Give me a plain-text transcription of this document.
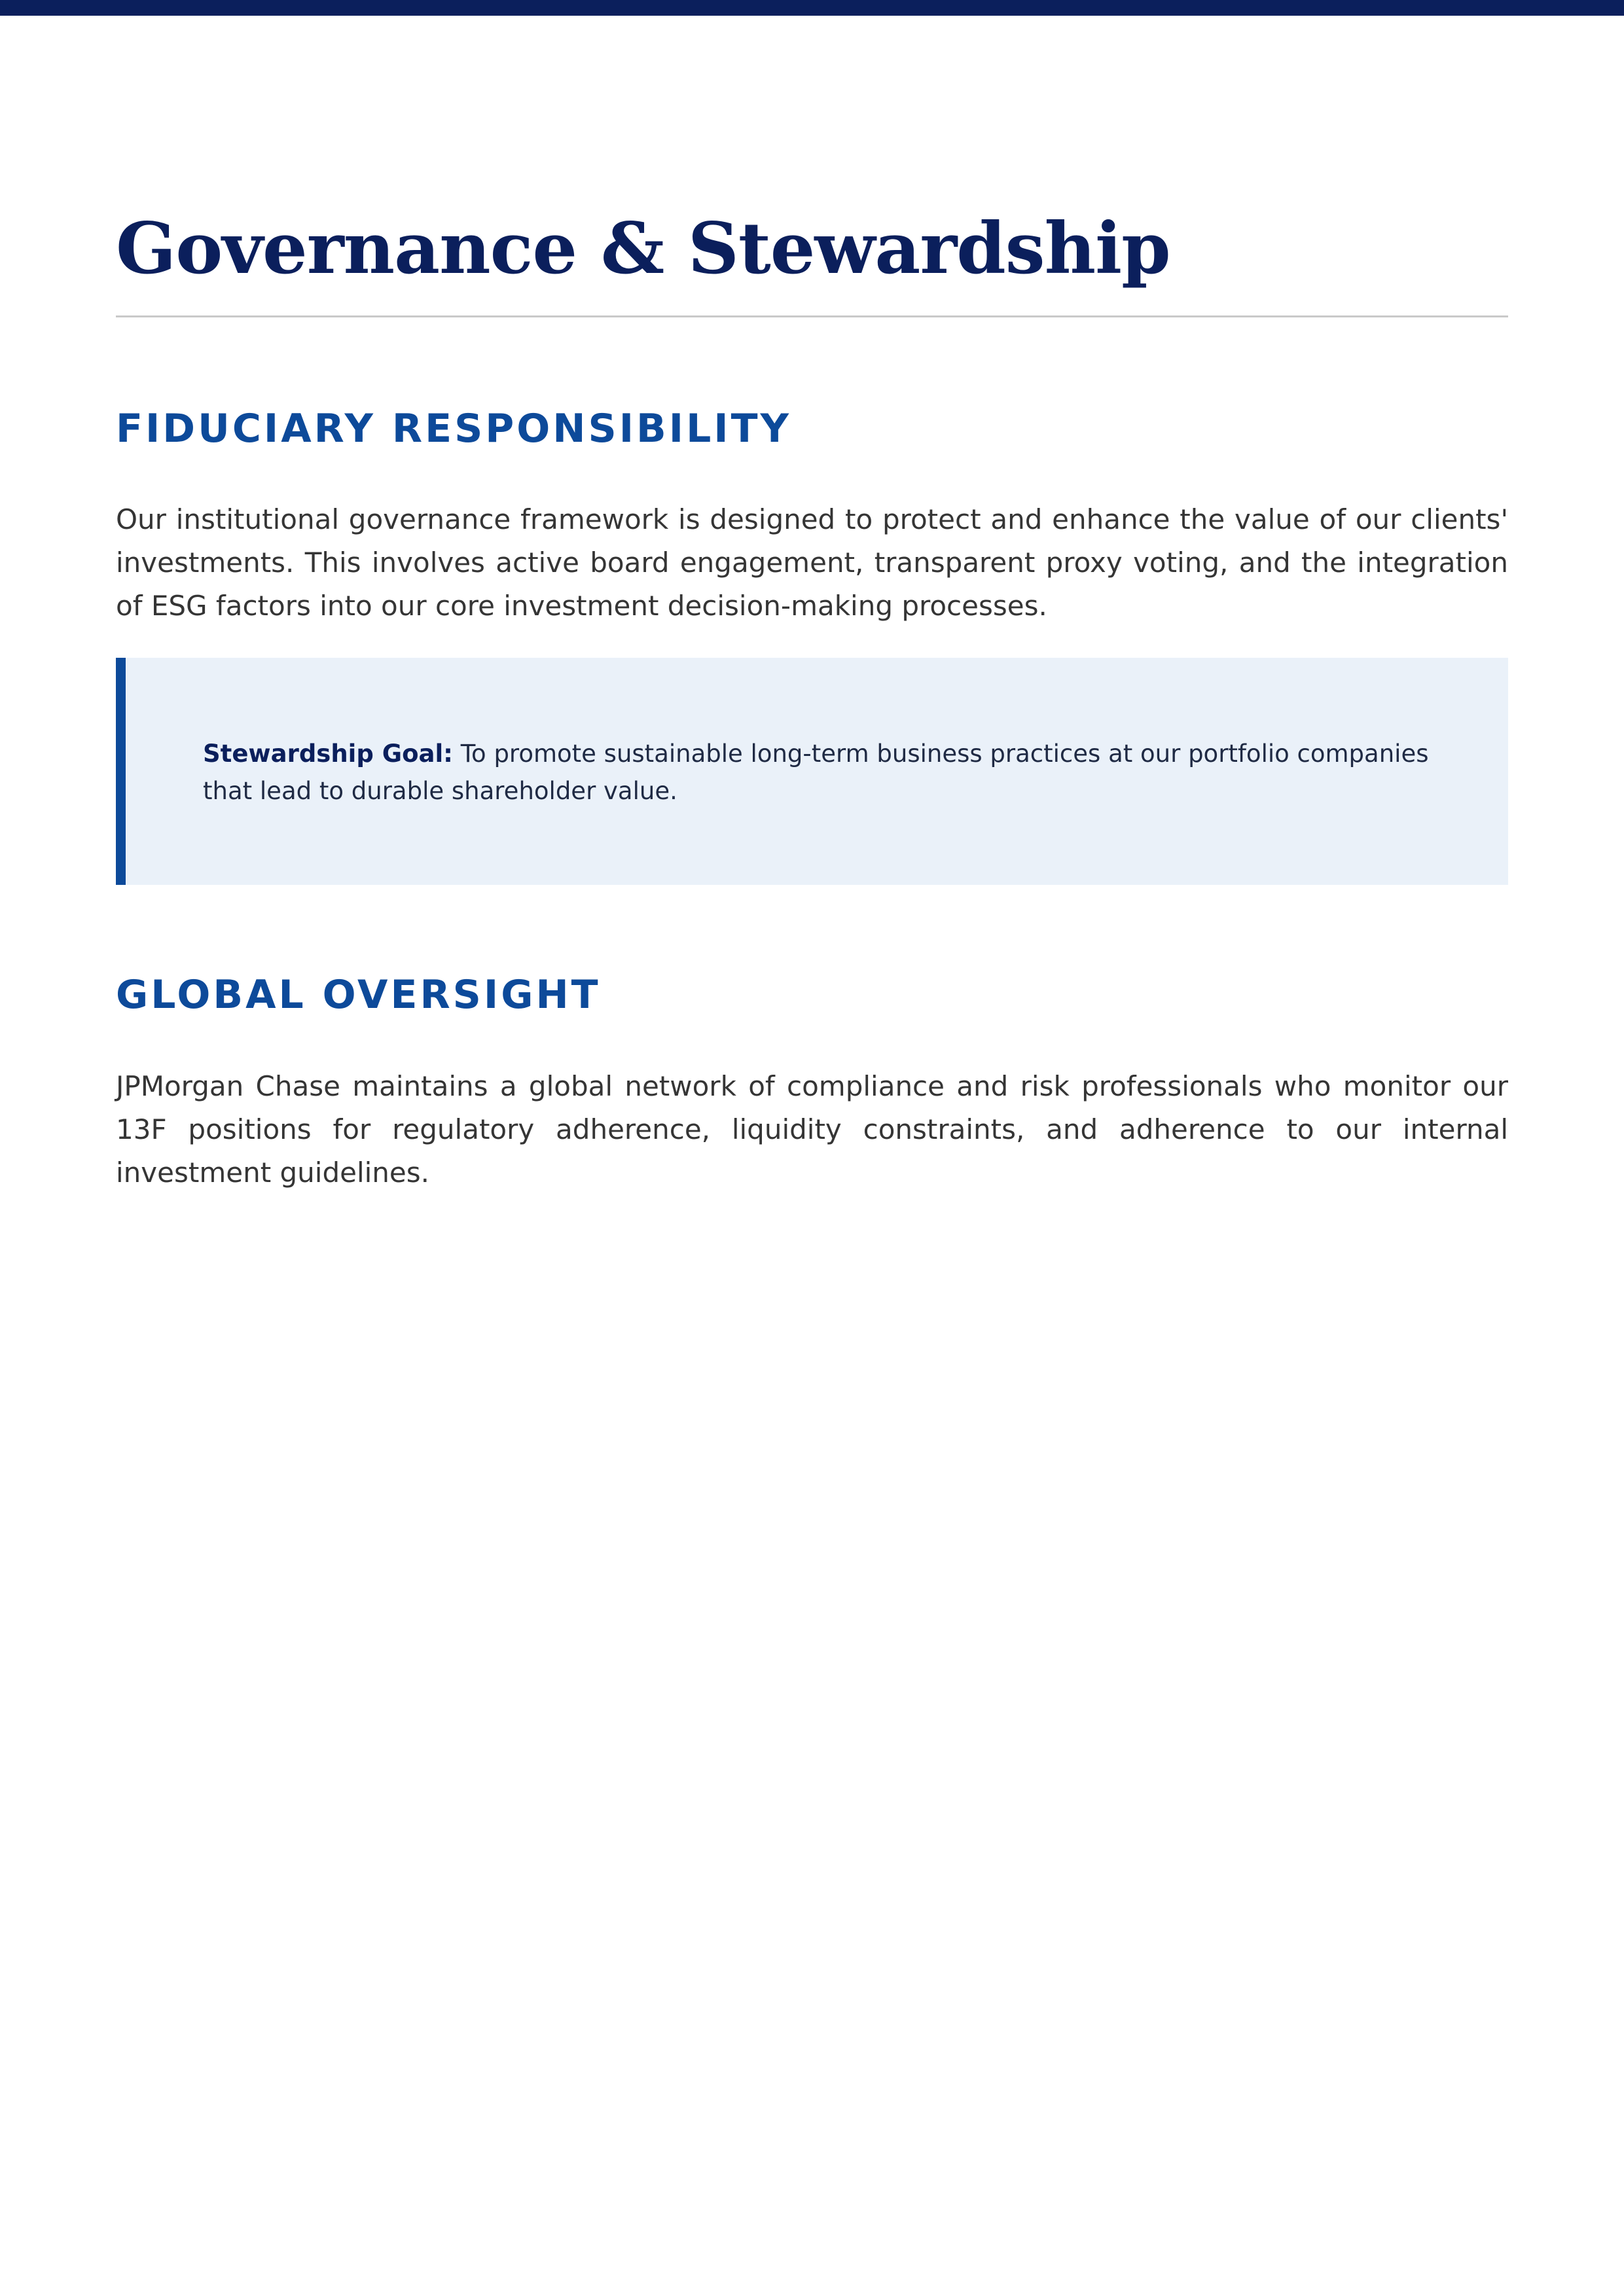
Governance & Stewardship
FIDUCIARY RESPONSIBILITY

Our institutional governance framework is designed to protect and enhance the value of our clients' investments. This involves active board engagement, transparent proxy voting, and the integration of ESG factors into our core investment decision-making processes.

Stewardship Goal: To promote sustainable long-term business practices at our portfolio companies that lead to durable shareholder value.

GLOBAL OVERSIGHT

JPMorgan Chase maintains a global network of compliance and risk professionals who monitor our 13F positions for regulatory adherence, liquidity constraints, and adherence to our internal investment guidelines.
